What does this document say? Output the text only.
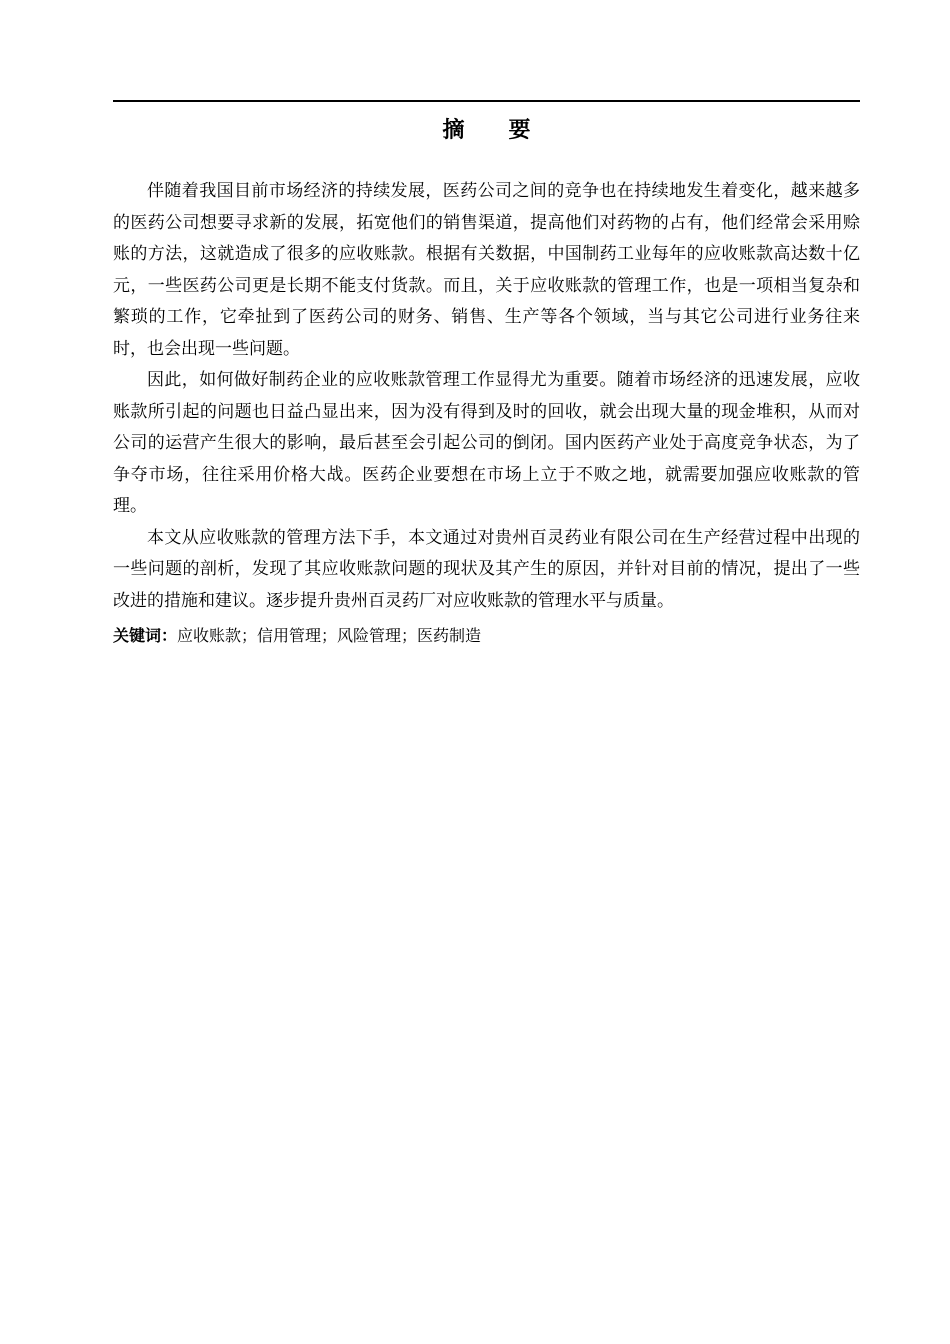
摘 要

伴随着我国目前市场经济的持续发展，医药公司之间的竞争也在持续地发生着变化，越来越多的医药公司想要寻求新的发展，拓宽他们的销售渠道，提高他们对药物的占有，他们经常会采用赊账的方法，这就造成了很多的应收账款。根据有关数据，中国制药工业每年的应收账款高达数十亿元，一些医药公司更是长期不能支付货款。而且，关于应收账款的管理工作，也是一项相当复杂和繁琐的工作，它牵扯到了医药公司的财务、销售、生产等各个领域，当与其它公司进行业务往来时，也会出现一些问题。

因此，如何做好制药企业的应收账款管理工作显得尤为重要。随着市场经济的迅速发展，应收账款所引起的问题也日益凸显出来，因为没有得到及时的回收，就会出现大量的现金堆积，从而对公司的运营产生很大的影响，最后甚至会引起公司的倒闭。国内医药产业处于高度竞争状态，为了争夺市场，往往采用价格大战。医药企业要想在市场上立于不败之地，就需要加强应收账款的管理。

本文从应收账款的管理方法下手，本文通过对贵州百灵药业有限公司在生产经营过程中出现的一些问题的剖析，发现了其应收账款问题的现状及其产生的原因，并针对目前的情况，提出了一些改进的措施和建议。逐步提升贵州百灵药厂对应收账款的管理水平与质量。

关键词：应收账款；信用管理；风险管理；医药制造
